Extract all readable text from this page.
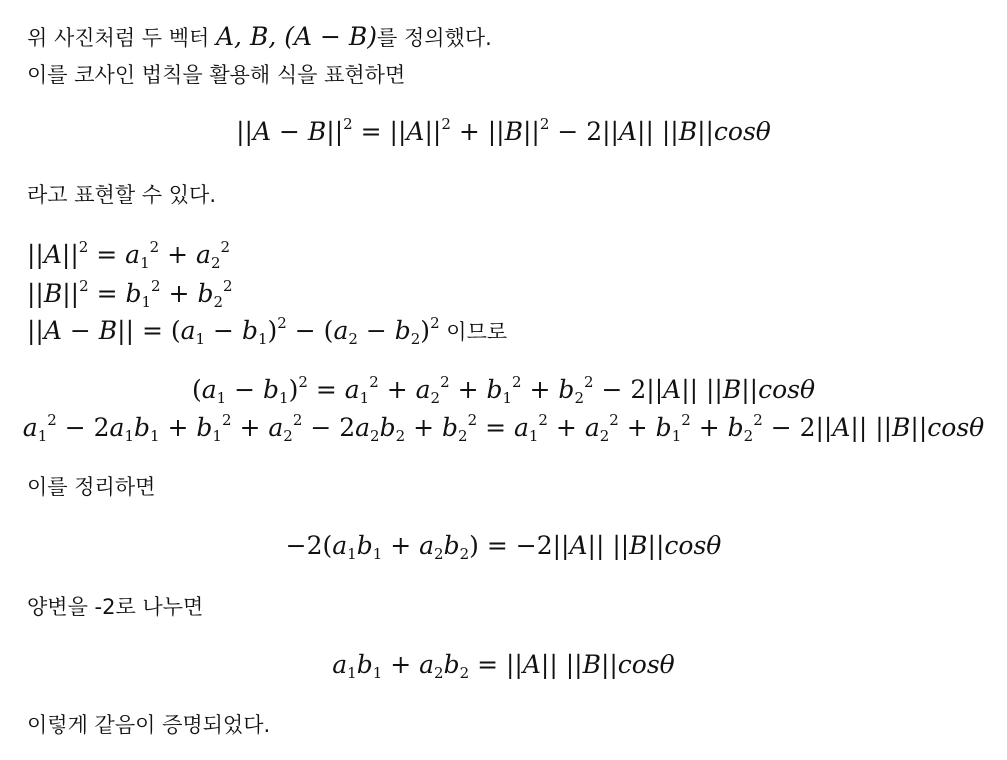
위 사진처럼 두 벡터 A, B, (A − B)를 정의했다.
이를 코사인 법칙을 활용해 식을 표현하면
$||A - B||^2 = ||A||^2 + ||B||^2 - 2||A||$ ||B||cosθ
라고 표현할 수 있다.
$||A||^2 = a_1^2 + a_2^2$
$||B||^2 = b_1^2 + b_2^2$
$||A - B|| = (a_1 - b_1)^2 - (a_2 - b_2)^2$ 이므로
$(a_1 - b_1)^2 = a_1^2 + a_2^2 + b_1^2 + b_2^2 - 2||A||$ ||B||cosθ
$a_1^2 - 2a_1b_1 + b_1^2 + a_2^2 - 2a_2b_2 + b_2^2 = a_1^2 + a_2^2 + b_1^2 + b_2^2 - 2||A||$ ||B||cosθ
이를 정리하면
$-2(a_1b_1 + a_2b_2) = -2||A||$ ||B||cosθ
양변을 -2로 나누면
$a_1b_1 + a_2b_2 = ||A||$ ||B||cosθ
이렇게 같음이 증명되었다.
